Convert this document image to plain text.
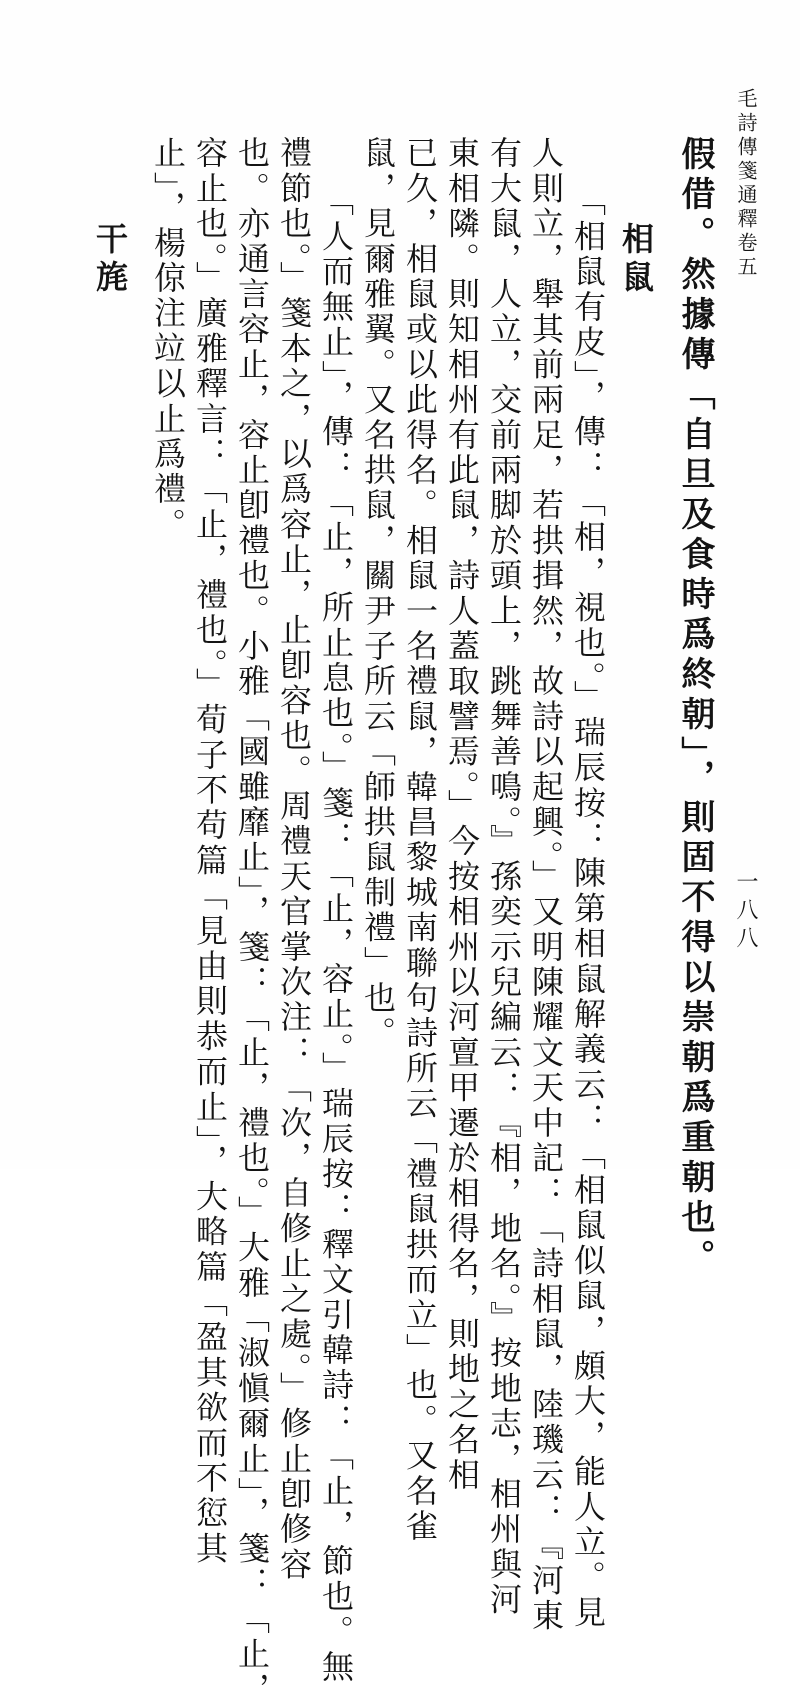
毛詩傳箋通釋卷五
一八八
假借。然據傳「自旦及食時爲終朝」，則固不得以崇朝爲重朝也。
相鼠
「相鼠有皮」，傳：「相，視也。」瑞辰按：陳第相鼠解義云：「相鼠似鼠，頗大，能人立。見
人則立，舉其前兩足，若拱揖然，故詩以起興。」又明陳耀文天中記：「詩相鼠，陸璣云：『河東
有大鼠，人立，交前兩脚於頭上，跳舞善鳴。』孫奕示兒編云：『相，地名。』按地志，相州與河
東相隣。則知相州有此鼠，詩人蓋取譬焉。」今按相州以河亶甲遷於相得名，則地之名相
已久，相鼠或以此得名。相鼠一名禮鼠，韓昌黎城南聯句詩所云「禮鼠拱而立」也。又名雀
鼠，見爾雅翼。又名拱鼠，關尹子所云「師拱鼠制禮」也。
「人而無止」，傳：「止，所止息也。」箋：「止，容止。」瑞辰按：釋文引韓詩：「止，節也。無
禮節也。」箋本之，以爲容止，止卽容也。周禮天官掌次注：「次，自修止之處。」修止卽修容
也。亦通言容止，容止卽禮也。小雅「國雖靡止」，箋：「止，禮也。」大雅「淑愼爾止」，箋：「止，
容止也。」廣雅釋言：「止，禮也。」荀子不苟篇「見由則恭而止」，大略篇「盈其欲而不愆其
止」，楊倞注竝以止爲禮。
干旄
